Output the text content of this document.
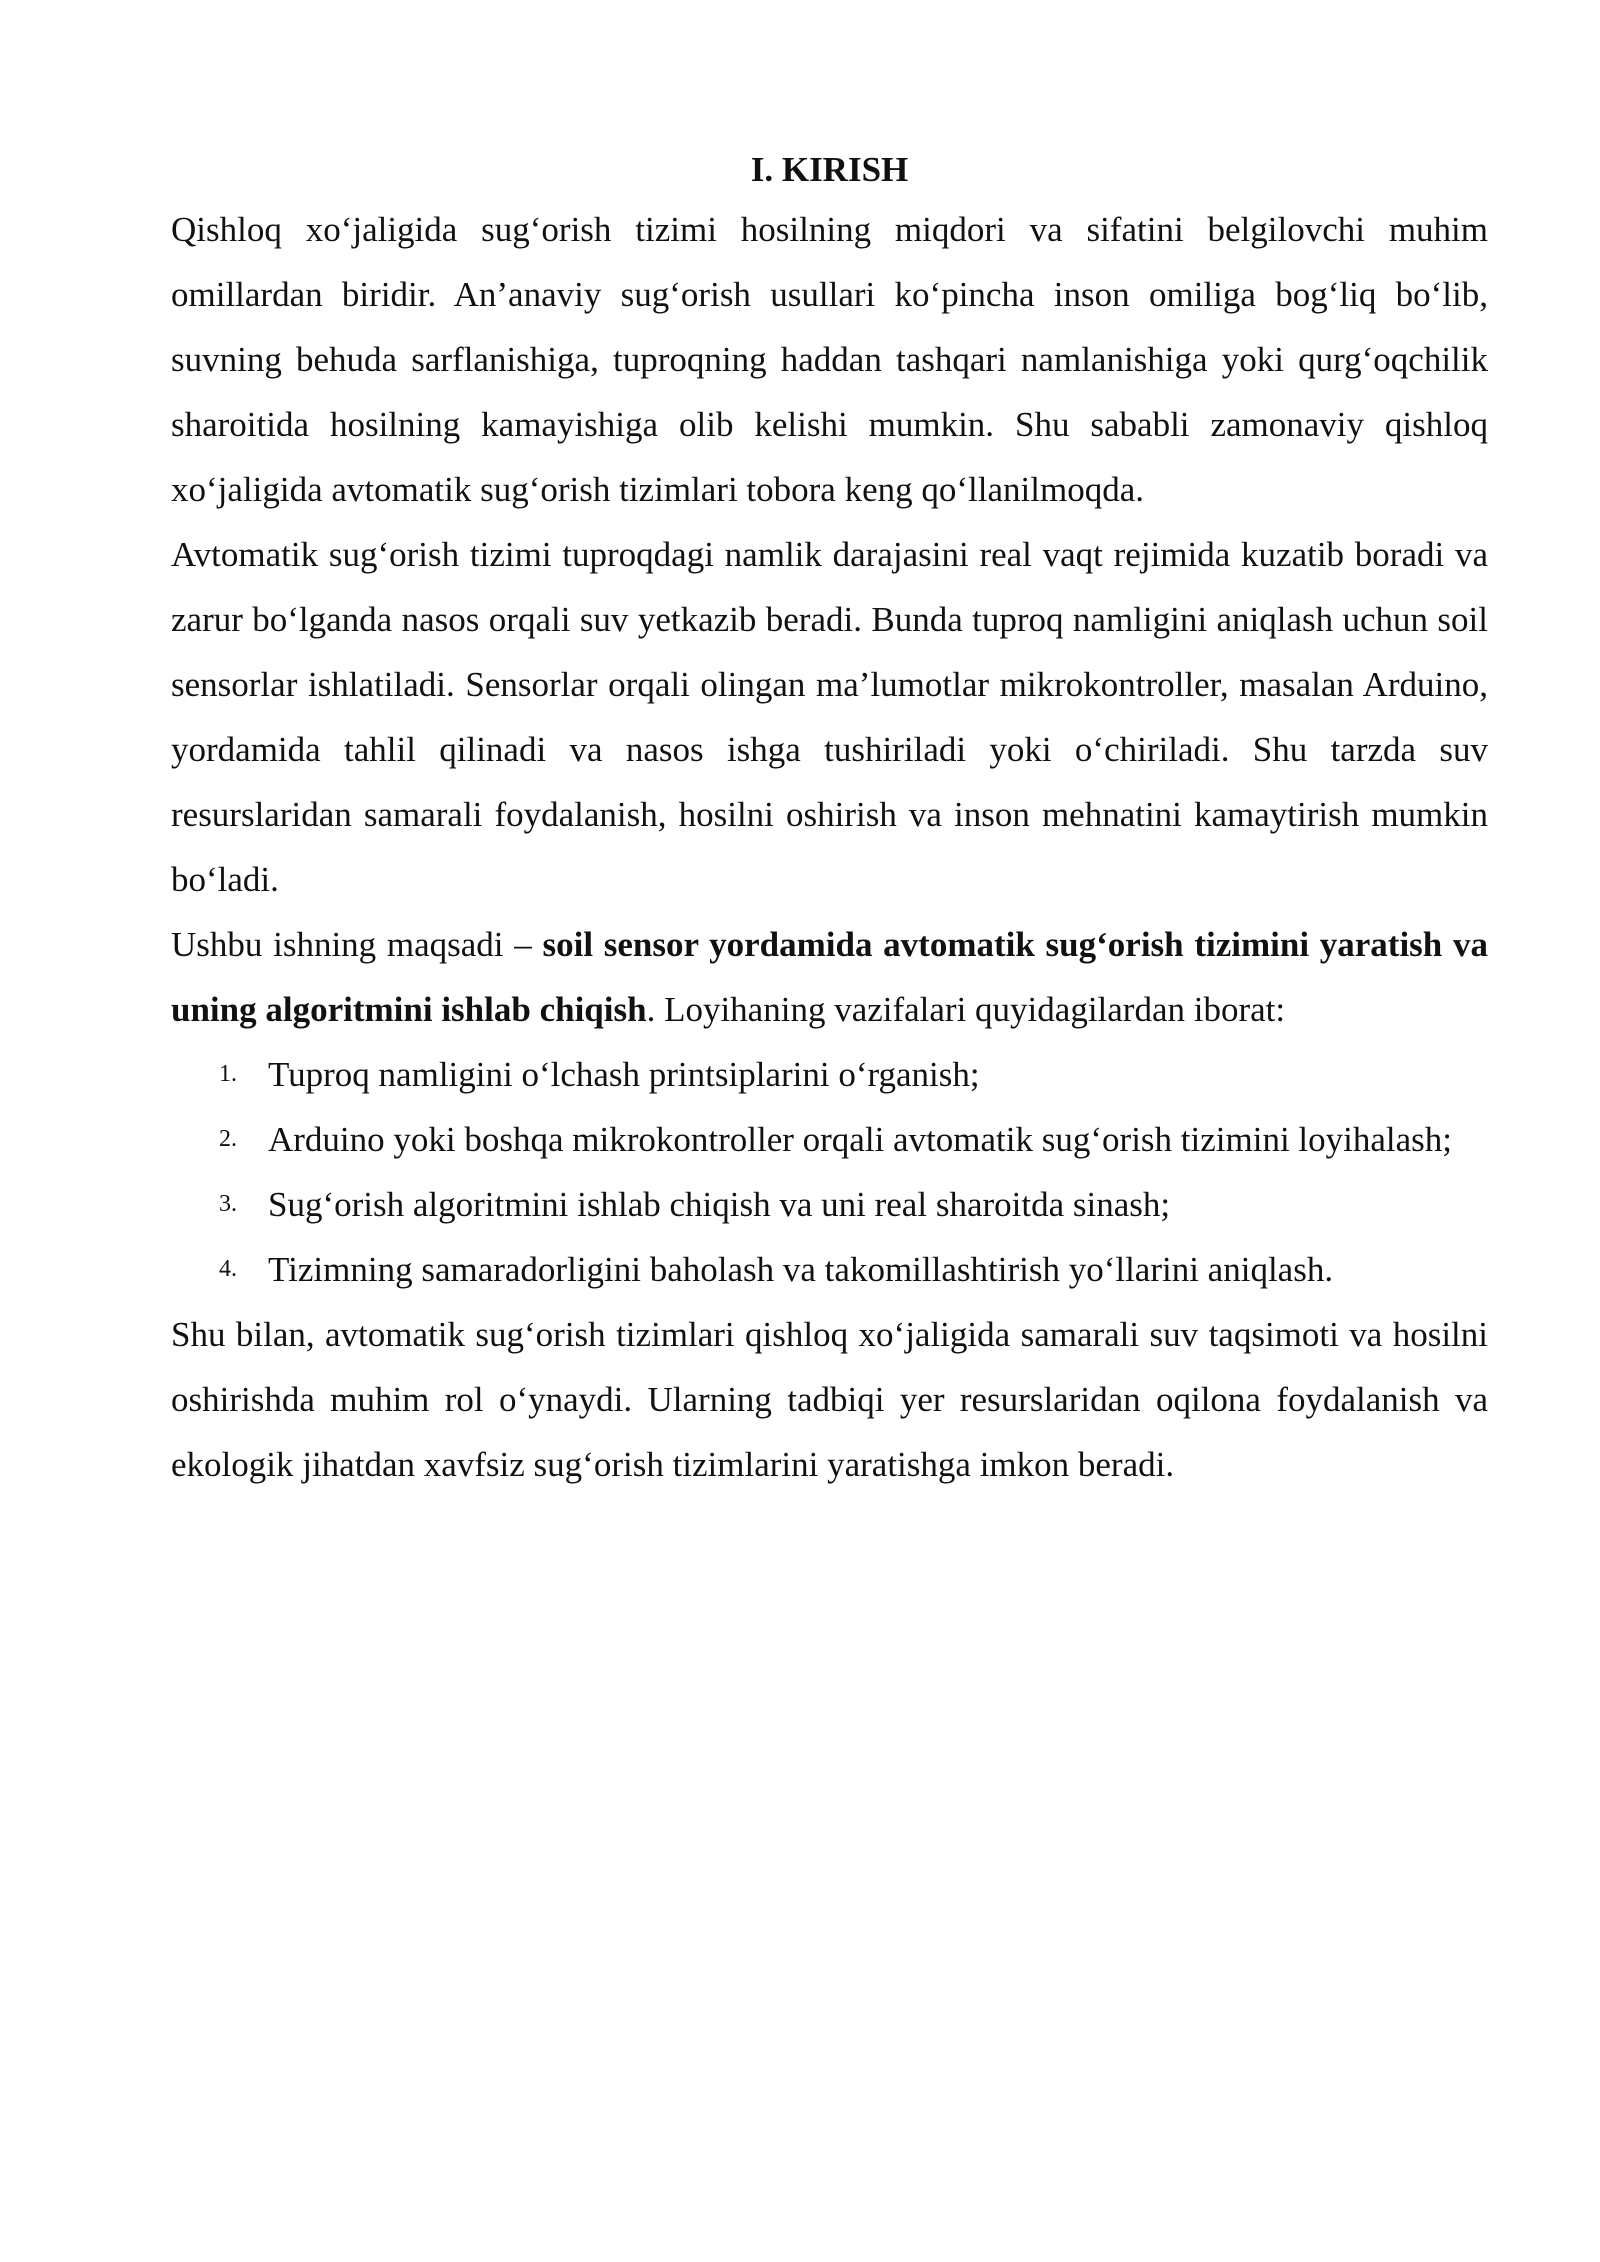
I. KIRISH

Qishloq xo‘jaligida sug‘orish tizimi hosilning miqdori va sifatini belgilovchi muhim omillardan biridir. An’anaviy sug‘orish usullari ko‘pincha inson omiliga bog‘liq bo‘lib, suvning behuda sarflanishiga, tuproqning haddan tashqari namlanishiga yoki qurg‘oqchilik sharoitida hosilning kamayishiga olib kelishi mumkin. Shu sababli zamonaviy qishloq xo‘jaligida avtomatik sug‘orish tizimlari tobora keng qo‘llanilmoqda.

Avtomatik sug‘orish tizimi tuproqdagi namlik darajasini real vaqt rejimida kuzatib boradi va zarur bo‘lganda nasos orqali suv yetkazib beradi. Bunda tuproq namligini aniqlash uchun soil sensorlar ishlatiladi. Sensorlar orqali olingan ma’lumotlar mikrokontroller, masalan Arduino, yordamida tahlil qilinadi va nasos ishga tushiriladi yoki o‘chiriladi. Shu tarzda suv resurslaridan samarali foydalanish, hosilni oshirish va inson mehnatini kamaytirish mumkin bo‘ladi.

Ushbu ishning maqsadi – soil sensor yordamida avtomatik sug‘orish tizimini yaratish va uning algoritmini ishlab chiqish. Loyihaning vazifalari quyidagilardan iborat:

1. Tuproq namligini o‘lchash printsiplarini o‘rganish;
2. Arduino yoki boshqa mikrokontroller orqali avtomatik sug‘orish tizimini loyihalash;
3. Sug‘orish algoritmini ishlab chiqish va uni real sharoitda sinash;
4. Tizimning samaradorligini baholash va takomillashtirish yo‘llarini aniqlash.

Shu bilan, avtomatik sug‘orish tizimlari qishloq xo‘jaligida samarali suv taqsimoti va hosilni oshirishda muhim rol o‘ynaydi. Ularning tadbiqi yer resurslaridan oqilona foydalanish va ekologik jihatdan xavfsiz sug‘orish tizimlarini yaratishga imkon beradi.
